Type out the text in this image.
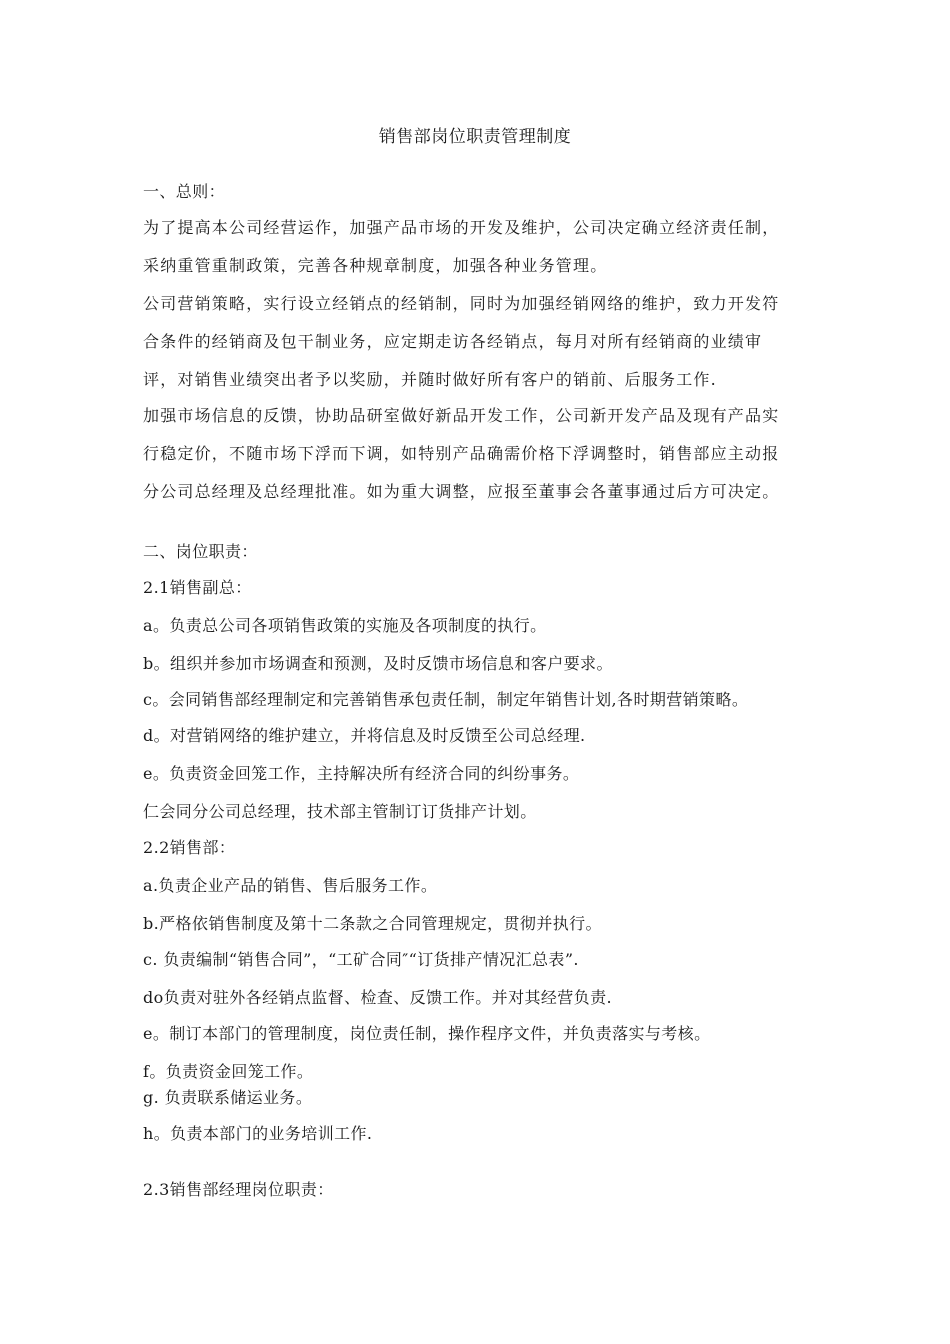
销售部岗位职责管理制度
一、总则：
为了提高本公司经营运作，加强产品市场的开发及维护，公司决定确立经济责任制，
采纳重管重制政策，完善各种规章制度，加强各种业务管理。
公司营销策略，实行设立经销点的经销制，同时为加强经销网络的维护，致力开发符
合条件的经销商及包干制业务，应定期走访各经销点，每月对所有经销商的业绩审
评，对销售业绩突出者予以奖励，并随时做好所有客户的销前、后服务工作.
加强市场信息的反馈，协助品研室做好新品开发工作，公司新开发产品及现有产品实
行稳定价，不随市场下浮而下调，如特别产品确需价格下浮调整时，销售部应主动报
分公司总经理及总经理批准。如为重大调整，应报至董事会各董事通过后方可决定。
二、岗位职责：
2.1销售副总：
a。负责总公司各项销售政策的实施及各项制度的执行。
b。组织并参加市场调查和预测，及时反馈市场信息和客户要求。
c。会同销售部经理制定和完善销售承包责任制，制定年销售计划,各时期营销策略。
d。对营销网络的维护建立，并将信息及时反馈至公司总经理.
e。负责资金回笼工作，主持解决所有经济合同的纠纷事务。
仁会同分公司总经理，技术部主管制订订货排产计划。
2.2销售部：
a.负责企业产品的销售、售后服务工作。
b.严格依销售制度及第十二条款之合同管理规定，贯彻并执行。
c. 负责编制“销售合同”，“工矿合同″“订货排产情况汇总表”.
do负责对驻外各经销点监督、检查、反馈工作。并对其经营负责.
e。制订本部门的管理制度，岗位责任制，操作程序文件，并负责落实与考核。
f。负责资金回笼工作。
g. 负责联系储运业务。
h。负责本部门的业务培训工作.
2.3销售部经理岗位职责：
